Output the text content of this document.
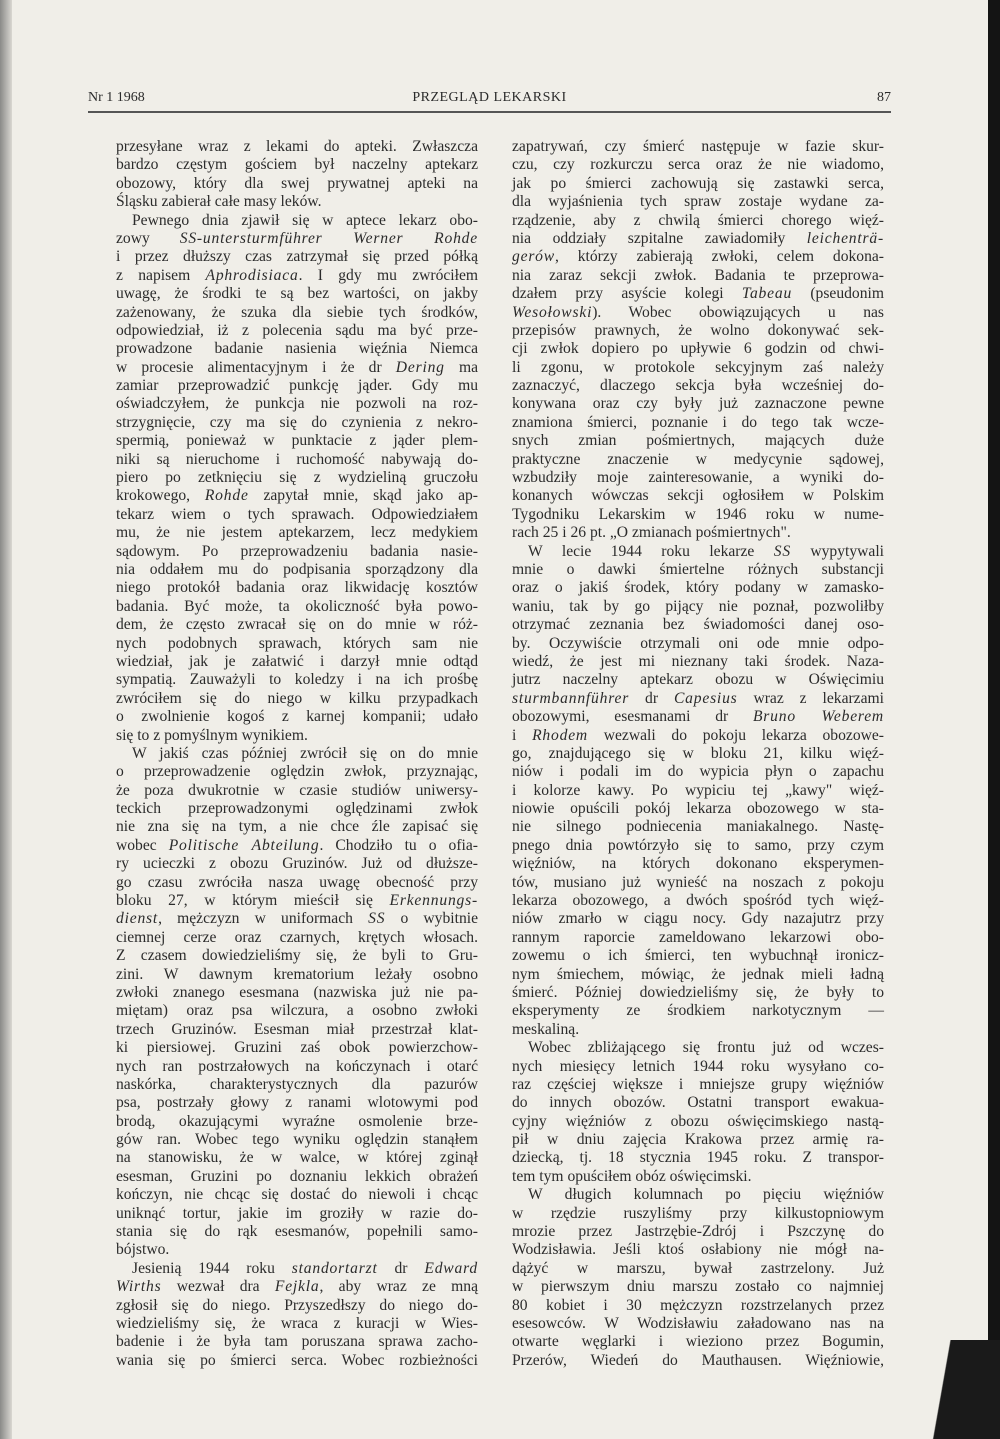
PRZEGLĄD LEKARSKI
Nr 1 1968	87
przesyłane wraz z lekami do apteki. Zwłaszcza
bardzo częstym gościem był naczelny aptekarz
obozowy, który dla swej prywatnej apteki na
Śląsku zabierał całe masy leków.
Pewnego dnia zjawił się w aptece lekarz obo-
zowy SS-untersturmführer Werner Rohde
i przez dłuższy czas zatrzymał się przed półką
z napisem Aphrodisiaca. I gdy mu zwróciłem
uwagę, że środki te są bez wartości, on jakby
zażenowany, że szuka dla siebie tych środków,
odpowiedział, iż z polecenia sądu ma być prze-
prowadzone badanie nasienia więźnia Niemca
w procesie alimentacyjnym i że dr Dering ma
zamiar przeprowadzić punkcję jąder. Gdy mu
oświadczyłem, że punkcja nie pozwoli na roz-
strzygnięcie, czy ma się do czynienia z nekro-
spermią, ponieważ w punktacie z jąder plem-
niki są nieruchome i ruchomość nabywają do-
piero po zetknięciu się z wydzieliną gruczołu
krokowego, Rohde zapytał mnie, skąd jako ap-
tekarz wiem o tych sprawach. Odpowiedziałem
mu, że nie jestem aptekarzem, lecz medykiem
sądowym. Po przeprowadzeniu badania nasie-
nia oddałem mu do podpisania sporządzony dla
niego protokół badania oraz likwidację kosztów
badania. Być może, ta okoliczność była powo-
dem, że często zwracał się on do mnie w róż-
nych podobnych sprawach, których sam nie
wiedział, jak je załatwić i darzył mnie odtąd
sympatią. Zauważyli to koledzy i na ich prośbę
zwróciłem się do niego w kilku przypadkach
o zwolnienie kogoś z karnej kompanii; udało
się to z pomyślnym wynikiem.
W jakiś czas później zwrócił się on do mnie
o przeprowadzenie oględzin zwłok, przyznając,
że poza dwukrotnie w czasie studiów uniwersy-
teckich przeprowadzonymi oględzinami zwłok
nie zna się na tym, a nie chce źle zapisać się
wobec Politische Abteilung. Chodziło tu o ofia-
ry ucieczki z obozu Gruzinów. Już od dłuższe-
go czasu zwróciła nasza uwagę obecność przy
bloku 27, w którym mieścił się Erkennungs-
dienst, mężczyzn w uniformach SS o wybitnie
ciemnej cerze oraz czarnych, krętych włosach.
Z czasem dowiedzieliśmy się, że byli to Gru-
zini. W dawnym krematorium leżały osobno
zwłoki znanego esesmana (nazwiska już nie pa-
miętam) oraz psa wilczura, a osobno zwłoki
trzech Gruzinów. Esesman miał przestrzał klat-
ki piersiowej. Gruzini zaś obok powierzchow-
nych ran postrzałowych na kończynach i otarć
naskórka, charakterystycznych dla pazurów
psa, postrzały głowy z ranami wlotowymi pod
brodą, okazującymi wyraźne osmolenie brze-
gów ran. Wobec tego wyniku oględzin stanąłem
na stanowisku, że w walce, w której zginął
esesman, Gruzini po doznaniu lekkich obrażeń
kończyn, nie chcąc się dostać do niewoli i chcąc
uniknąć tortur, jakie im groziły w razie do-
stania się do rąk esesmanów, popełnili samo-
bójstwo.
Jesienią 1944 roku standortarzt dr Edward
Wirths wezwał dra Fejkla, aby wraz ze mną
zgłosił się do niego. Przyszedłszy do niego do-
wiedzieliśmy się, że wraca z kuracji w Wies-
badenie i że była tam poruszana sprawa zacho-
wania się po śmierci serca. Wobec rozbieżności
zapatrywań, czy śmierć następuje w fazie skur-
czu, czy rozkurczu serca oraz że nie wiadomo,
jak po śmierci zachowują się zastawki serca,
dla wyjaśnienia tych spraw zostaje wydane za-
rządzenie, aby z chwilą śmierci chorego więź-
nia oddziały szpitalne zawiadomiły leichenträ-
gerów, którzy zabierają zwłoki, celem dokona-
nia zaraz sekcji zwłok. Badania te przeprowa-
dzałem przy asyście kolegi Tabeau (pseudonim
Wesołowski). Wobec obowiązujących u nas
przepisów prawnych, że wolno dokonywać sek-
cji zwłok dopiero po upływie 6 godzin od chwi-
li zgonu, w protokole sekcyjnym zaś należy
zaznaczyć, dlaczego sekcja była wcześniej do-
konywana oraz czy były już zaznaczone pewne
znamiona śmierci, poznanie i do tego tak wcze-
snych zmian pośmiertnych, mających duże
praktyczne znaczenie w medycynie sądowej,
wzbudziły moje zainteresowanie, a wyniki do-
konanych wówczas sekcji ogłosiłem w Polskim
Tygodniku Lekarskim w 1946 roku w nume-
rach 25 i 26 pt. „O zmianach pośmiertnych".
W lecie 1944 roku lekarze SS wypytywali
mnie o dawki śmiertelne różnych substancji
oraz o jakiś środek, który podany w zamasko-
waniu, tak by go pijący nie poznał, pozwoliłby
otrzymać zeznania bez świadomości danej oso-
by. Oczywiście otrzymali oni ode mnie odpo-
wiedź, że jest mi nieznany taki środek. Naza-
jutrz naczelny aptekarz obozu w Oświęcimiu
sturmbannführer dr Capesius wraz z lekarzami
obozowymi, esesmanami dr Bruno Weberem
i Rhodem wezwali do pokoju lekarza obozowe-
go, znajdującego się w bloku 21, kilku więź-
niów i podali im do wypicia płyn o zapachu
i kolorze kawy. Po wypiciu tej „kawy" więź-
niowie opuścili pokój lekarza obozowego w sta-
nie silnego podniecenia maniakalnego. Nastę-
pnego dnia powtórzyło się to samo, przy czym
więźniów, na których dokonano eksperymen-
tów, musiano już wynieść na noszach z pokoju
lekarza obozowego, a dwóch spośród tych więź-
niów zmarło w ciągu nocy. Gdy nazajutrz przy
rannym raporcie zameldowano lekarzowi obo-
zowemu o ich śmierci, ten wybuchnął ironicz-
nym śmiechem, mówiąc, że jednak mieli ładną
śmierć. Później dowiedzieliśmy się, że były to
eksperymenty ze środkiem narkotycznym —
meskaliną.
Wobec zbliżającego się frontu już od wczes-
nych miesięcy letnich 1944 roku wysyłano co-
raz częściej większe i mniejsze grupy więźniów
do innych obozów. Ostatni transport ewakua-
cyjny więźniów z obozu oświęcimskiego nastą-
pił w dniu zajęcia Krakowa przez armię ra-
dziecką, tj. 18 stycznia 1945 roku. Z transpor-
tem tym opuściłem obóz oświęcimski.
W długich kolumnach po pięciu więźniów
w rzędzie ruszyliśmy przy kilkustopniowym
mrozie przez Jastrzębie-Zdrój i Pszczynę do
Wodzisławia. Jeśli ktoś osłabiony nie mógł na-
dążyć w marszu, bywał zastrzelony. Już
w pierwszym dniu marszu zostało co najmniej
80 kobiet i 30 mężczyzn rozstrzelanych przez
esesowców. W Wodzisławiu załadowano nas na
otwarte węglarki i wieziono przez Bogumin,
Przerów, Wiedeń do Mauthausen. Więźniowie,
